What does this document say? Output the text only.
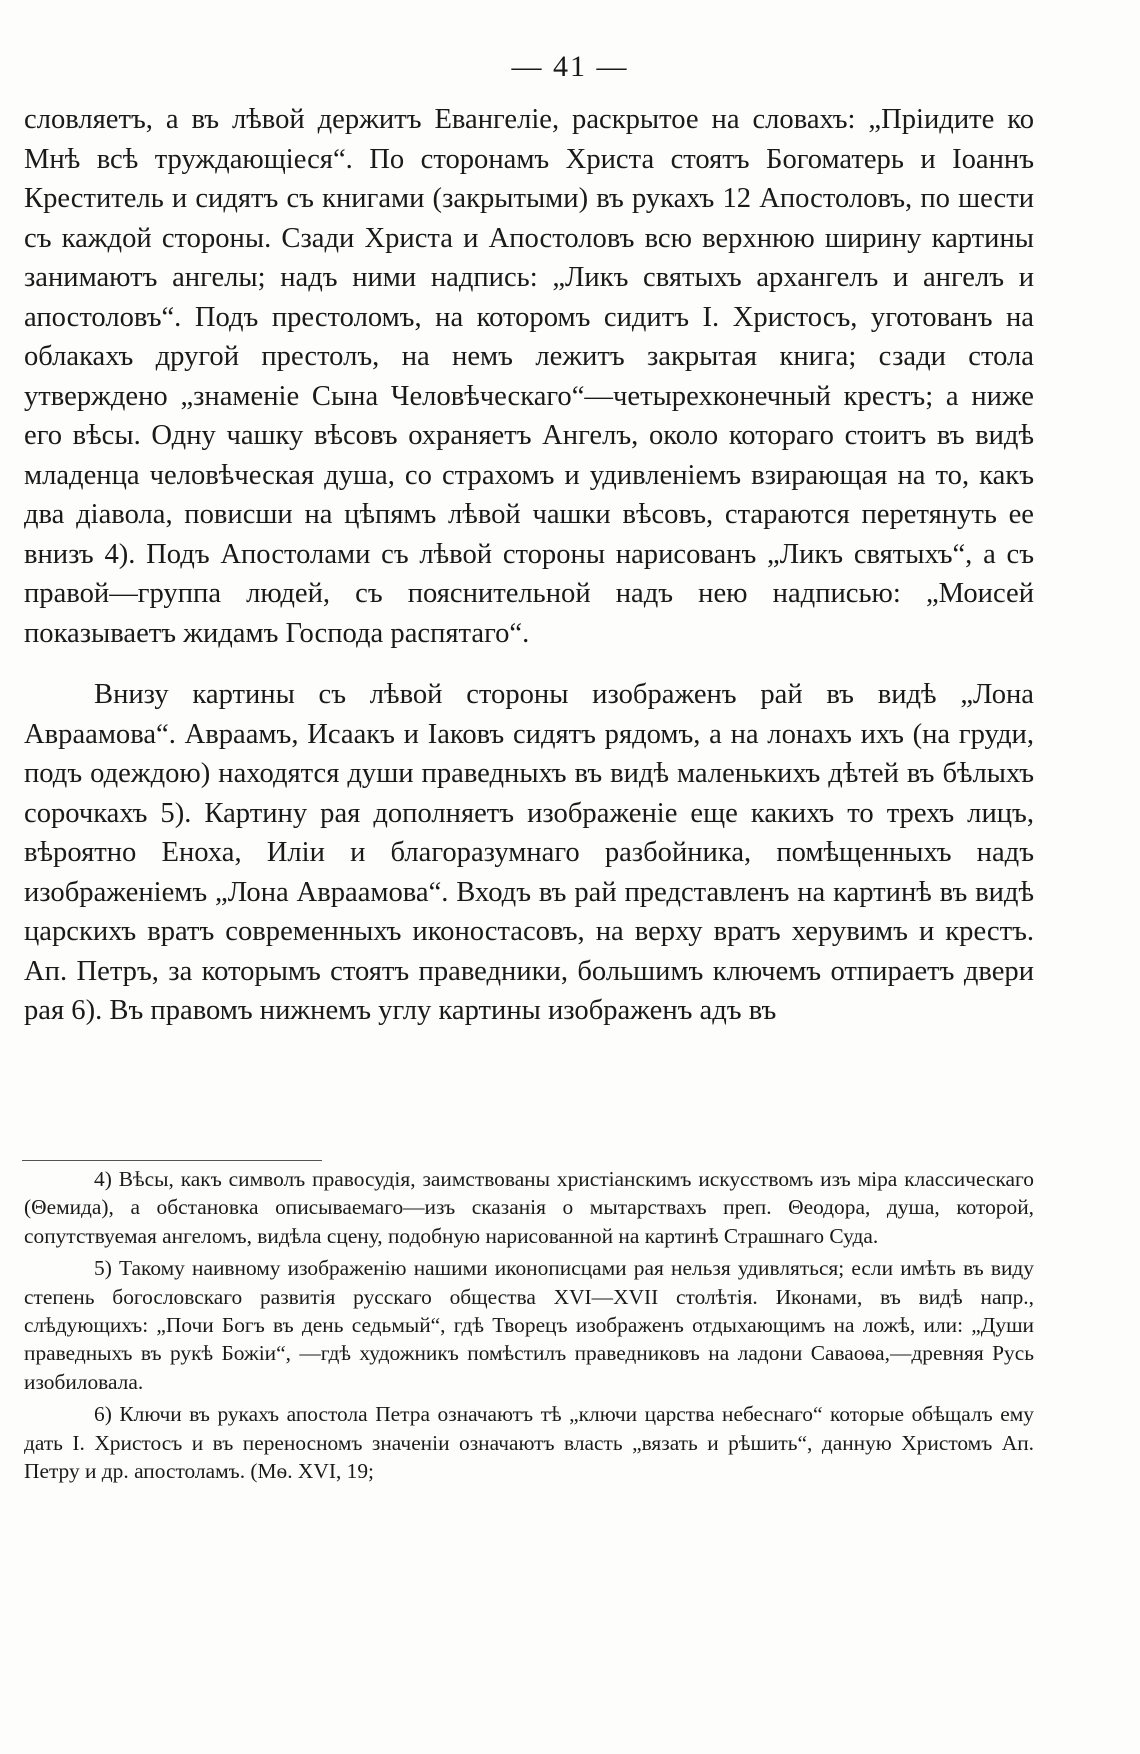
— 41 —

словляетъ, а въ лѣвой держитъ Евангеліе, раскрытое на словахъ: „Пріидите ко Мнѣ всѣ труждающіеся“. По сторонамъ Христа стоятъ Богоматерь и Іоаннъ Креститель и сидятъ съ книгами (закрытыми) въ рукахъ 12 Апостоловъ, по шести съ каждой стороны. Сзади Христа и Апостоловъ всю верхнюю ширину картины занимаютъ ангелы; надъ ними надпись: „Ликъ святыхъ архангелъ и ангелъ и апостоловъ“. Подъ престоломъ, на которомъ сидитъ І. Христосъ, уготованъ на облакахъ другой престолъ, на немъ лежитъ закрытая книга; сзади стола утверждено „знаменіе Сына Человѣческаго“—четырехконечный крестъ; а ниже его вѣсы. Одну чашку вѣсовъ охраняетъ Ангелъ, около котораго стоитъ въ видѣ младенца человѣческая душа, со страхомъ и удивленіемъ взирающая на то, какъ два діавола, повисши на цѣпямъ лѣвой чашки вѣсовъ, стараются перетянуть ее внизъ 4). Подъ Апостолами съ лѣвой стороны нарисованъ „Ликъ святыхъ“, а съ правой—группа людей, съ пояснительной надъ нею надписью: „Моисей показываетъ жидамъ Господа распятаго“.

Внизу картины съ лѣвой стороны изображенъ рай въ видѣ „Лона Авраамова“. Авраамъ, Исаакъ и Іаковъ сидятъ рядомъ, а на лонахъ ихъ (на груди, подъ одеждою) находятся души праведныхъ въ видѣ маленькихъ дѣтей въ бѣлыхъ сорочкахъ 5). Картину рая дополняетъ изображеніе еще какихъ то трехъ лицъ, вѣроятно Еноха, Иліи и благоразумнаго разбойника, помѣщенныхъ надъ изображеніемъ „Лона Авраамова“. Входъ въ рай представленъ на картинѣ въ видѣ царскихъ вратъ современныхъ иконостасовъ, на верху вратъ херувимъ и крестъ. Ап. Петръ, за которымъ стоятъ праведники, большимъ ключемъ отпираетъ двери рая 6). Въ правомъ нижнемъ углу картины изображенъ адъ въ

4) Вѣсы, какъ символъ правосудія, заимствованы христіанскимъ искусствомъ изъ міра классическаго (Θемида), а обстановка описываемаго—изъ сказанія о мытарствахъ преп. Θеодора, душа, которой, сопутствуемая ангеломъ, видѣла сцену, подобную нарисованной на картинѣ Страшнаго Суда.

5) Такому наивному изображенію нашими иконописцами рая нельзя удивляться; если имѣть въ виду степень богословскаго развитія русскаго общества XVI—XVII столѣтія. Иконами, въ видѣ напр., слѣдующихъ: „Почи Богъ въ день седьмый“, гдѣ Творецъ изображенъ отдыхающимъ на ложѣ, или: „Души праведныхъ въ рукѣ Божіи“, —гдѣ художникъ помѣстилъ праведниковъ на ладони Саваоѳа,—древняя Русь изобиловала.

6) Ключи въ рукахъ апостола Петра означаютъ тѣ „ключи царства небеснаго“ которые обѣщалъ ему дать І. Христосъ и въ переносномъ значеніи означаютъ власть „вязать и рѣшить“, данную Христомъ Ап. Петру и др. апостоламъ. (Мѳ. XVI, 19;
